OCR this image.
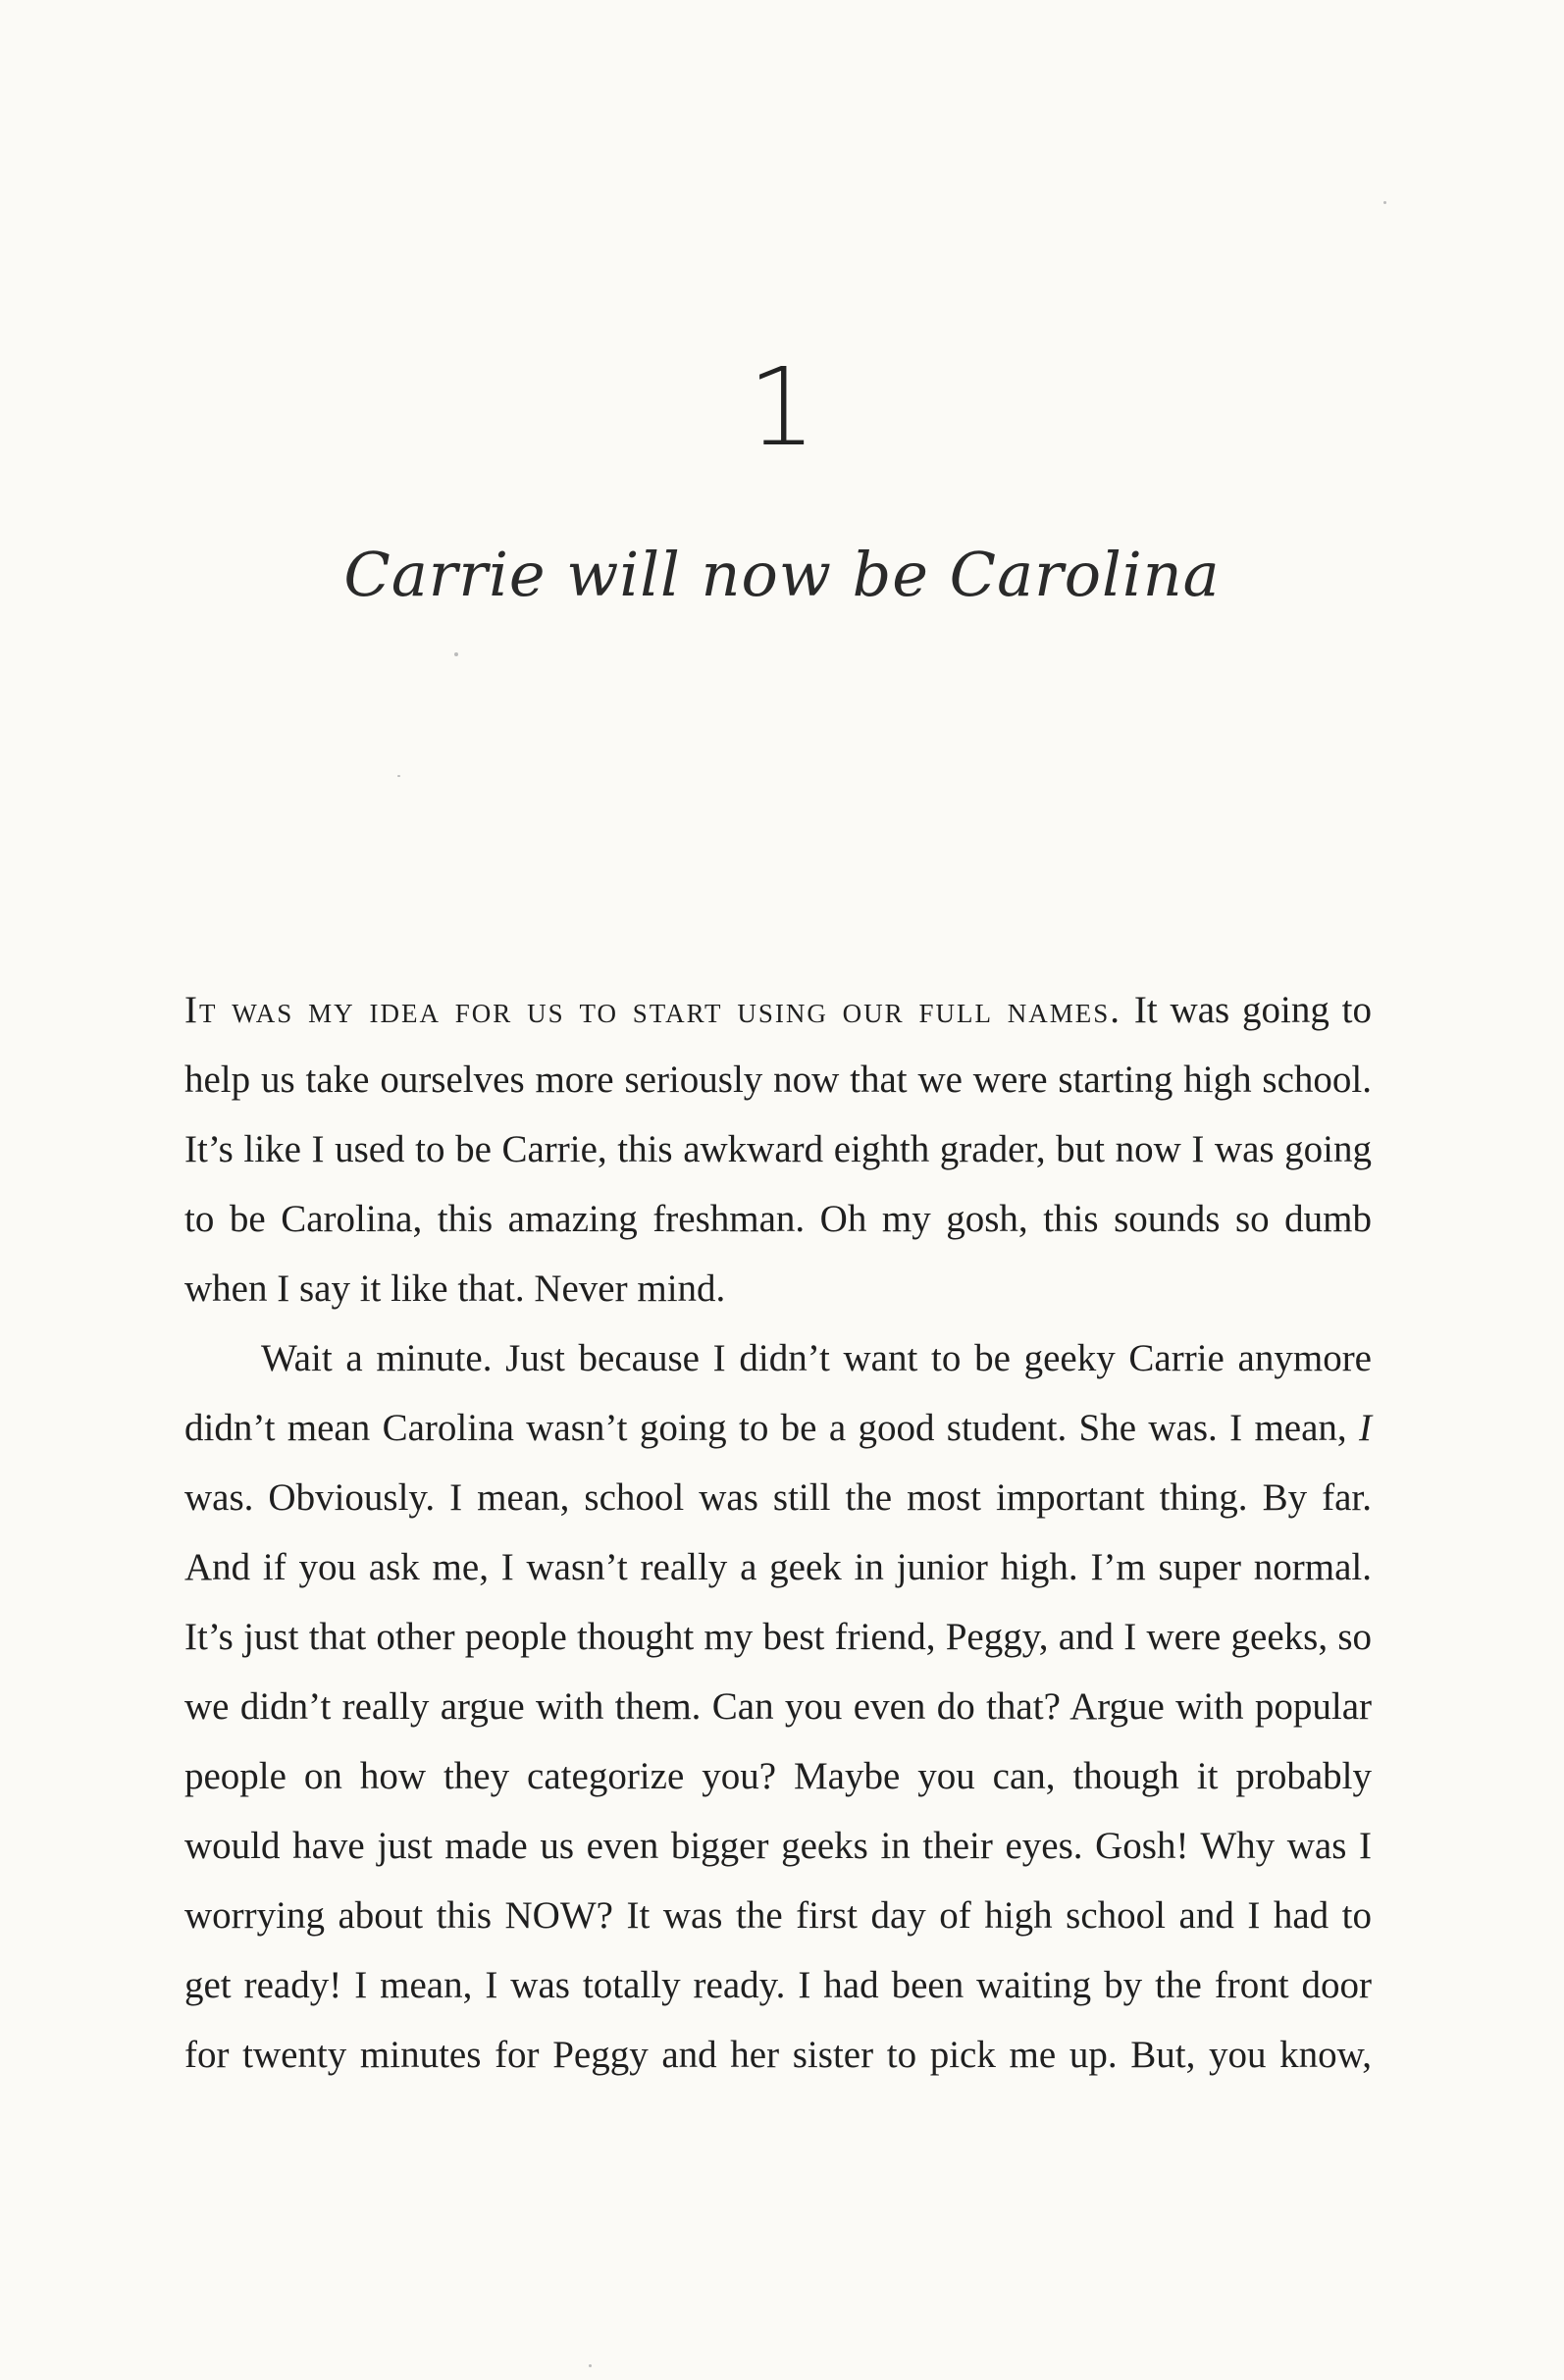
1
Carrie will now be Carolina

It was my idea for us to start using our full names. It was going to help us take ourselves more seriously now that we were starting high school. It’s like I used to be Carrie, this awkward eighth grader, but now I was going to be Carolina, this amazing freshman. Oh my gosh, this sounds so dumb when I say it like that. Never mind.

Wait a minute. Just because I didn’t want to be geeky Carrie anymore didn’t mean Carolina wasn’t going to be a good student. She was. I mean, I was. Obviously. I mean, school was still the most important thing. By far. And if you ask me, I wasn’t really a geek in junior high. I’m super normal. It’s just that other people thought my best friend, Peggy, and I were geeks, so we didn’t really argue with them. Can you even do that? Argue with popular people on how they categorize you? Maybe you can, though it probably would have just made us even bigger geeks in their eyes. Gosh! Why was I worrying about this NOW? It was the first day of high school and I had to get ready! I mean, I was totally ready. I had been waiting by the front door for twenty minutes for Peggy and her sister to pick me up. But, you know,
